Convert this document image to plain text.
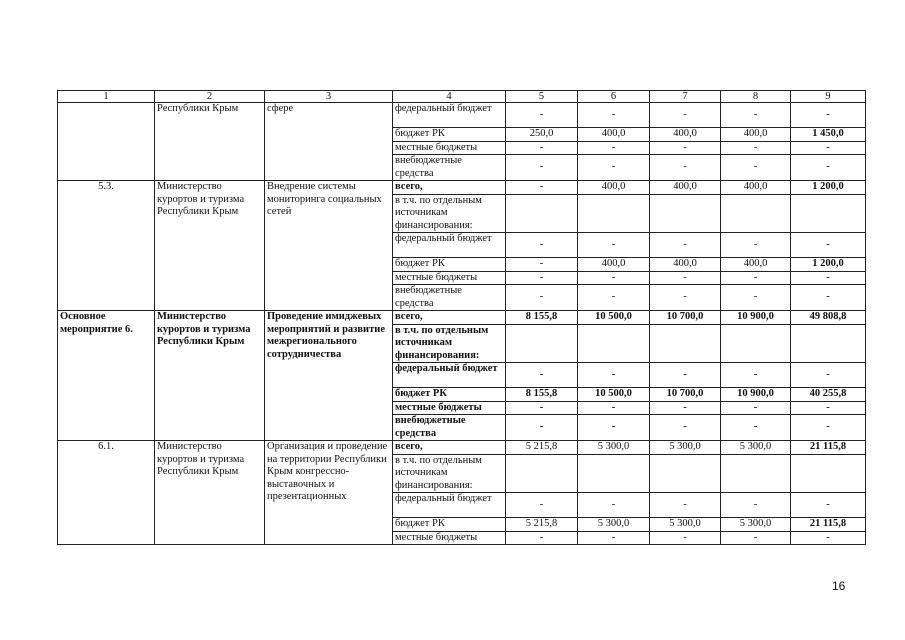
1	2	3	4	5	6	7	8	9
	Республики Крым	сфере	федеральный бюджет	-	-	-	-	-
			бюджет РК	250,0	400,0	400,0	400,0	1 450,0
			местные бюджеты	-	-	-	-	-
			внебюджетные средства	-	-	-	-	-
5.3.	Министерство курортов и туризма Республики Крым	Внедрение системы мониторинга социальных сетей	всего,	-	400,0	400,0	400,0	1 200,0
			в т.ч. по отдельным источникам финансирования:					
			федеральный бюджет	-	-	-	-	-
			бюджет РК	-	400,0	400,0	400,0	1 200,0
			местные бюджеты	-	-	-	-	-
			внебюджетные средства	-	-	-	-	-
Основное мероприятие 6.	Министерство курортов и туризма Республики Крым	Проведение имиджевых мероприятий и развитие межрегионального сотрудничества	всего,	8 155,8	10 500,0	10 700,0	10 900,0	49 808,8
			в т.ч. по отдельным источникам финансирования:					
			федеральный бюджет	-	-	-	-	-
			бюджет РК	8 155,8	10 500,0	10 700,0	10 900,0	40 255,8
			местные бюджеты	-	-	-	-	-
			внебюджетные средства	-	-	-	-	-
6.1.	Министерство курортов и туризма Республики Крым	Организация и проведение на территории Республики Крым конгрессно-выставочных и презентационных	всего,	5 215,8	5 300,0	5 300,0	5 300,0	21 115,8
			в т.ч. по отдельным источникам финансирования:					
			федеральный бюджет	-	-	-	-	-
			бюджет РК	5 215,8	5 300,0	5 300,0	5 300,0	21 115,8
			местные бюджеты	-	-	-	-	-
16
